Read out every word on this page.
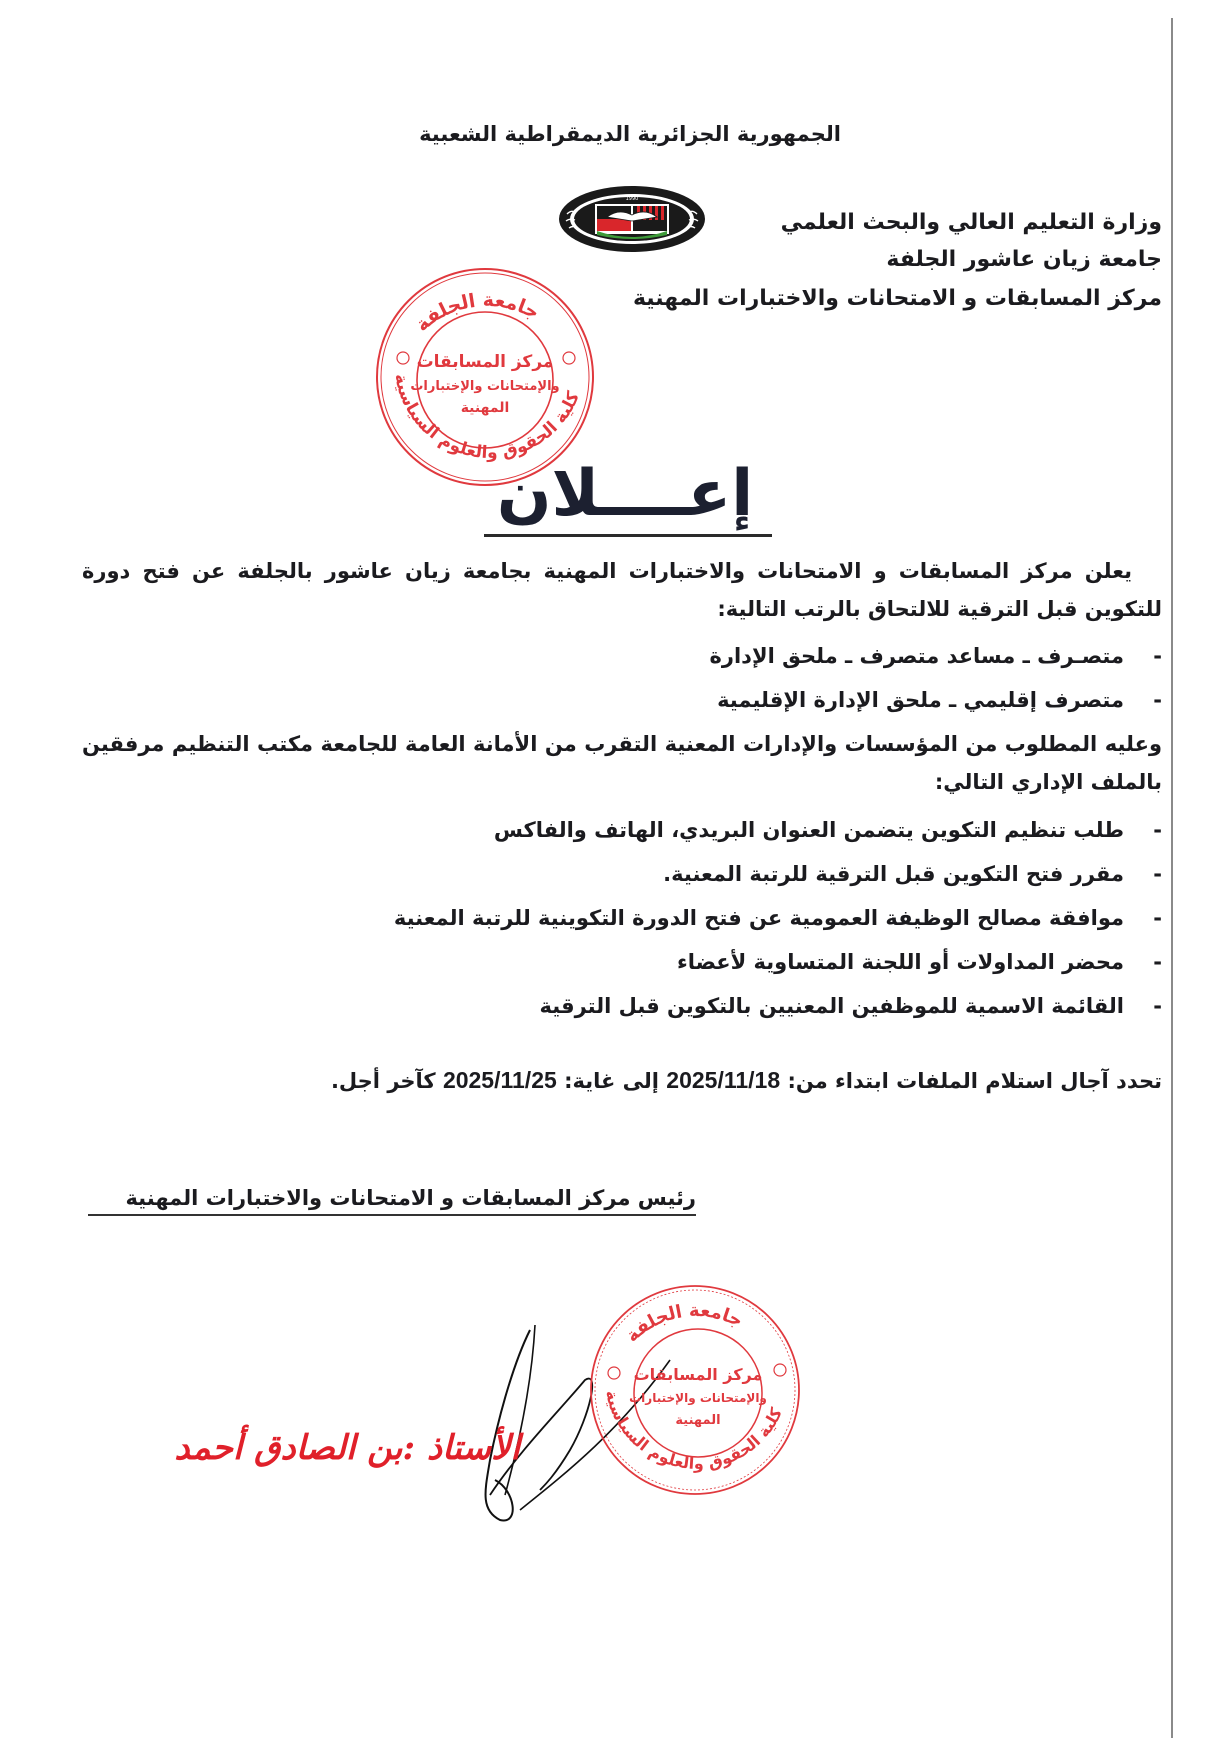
الجمهورية الجزائرية الديمقراطية الشعبية
وزارة التعليم العالي والبحث العلمي
جامعة زيان عاشور الجلفة
مركز المسابقات و الامتحانات والاختبارات المهنية
1990
جامعة الجلفة
كلية الحقوق والعلوم السياسية
مركز المسابقات
والإمتحانات والإختبارات
المهنية
إعــــلان
يعلن مركز المسابقات و الامتحانات والاختبارات المهنية بجامعة زيان عاشور بالجلفة عن فتح دورة للتكوين قبل الترقية للالتحاق بالرتب التالية:
-
متصـرف ـ مساعد متصرف ـ ملحق الإدارة
-
متصرف إقليمي ـ ملحق الإدارة الإقليمية
وعليه المطلوب من المؤسسات والإدارات المعنية التقرب من الأمانة العامة للجامعة مكتب التنظيم مرفقين بالملف الإداري التالي:
-
طلب تنظيم التكوين يتضمن العنوان البريدي، الهاتف والفاكس
-
مقرر فتح التكوين قبل الترقية للرتبة المعنية.
-
موافقة مصالح الوظيفة العمومية عن فتح الدورة التكوينية للرتبة المعنية
-
محضر المداولات أو اللجنة المتساوية لأعضاء
-
القائمة الاسمية للموظفين المعنيين بالتكوين قبل الترقية
تحدد آجال استلام الملفات ابتداء من: 2025/11/18 إلى غاية: 2025/11/25 كآخر أجل.
رئيس مركز المسابقات و الامتحانات والاختبارات المهنية
جامعة الجلفة
كلية الحقوق والعلوم السياسية
مركز المسابقات
والإمتحانات والإختبارات
المهنية
الأستاذ :بن الصادق أحمد
